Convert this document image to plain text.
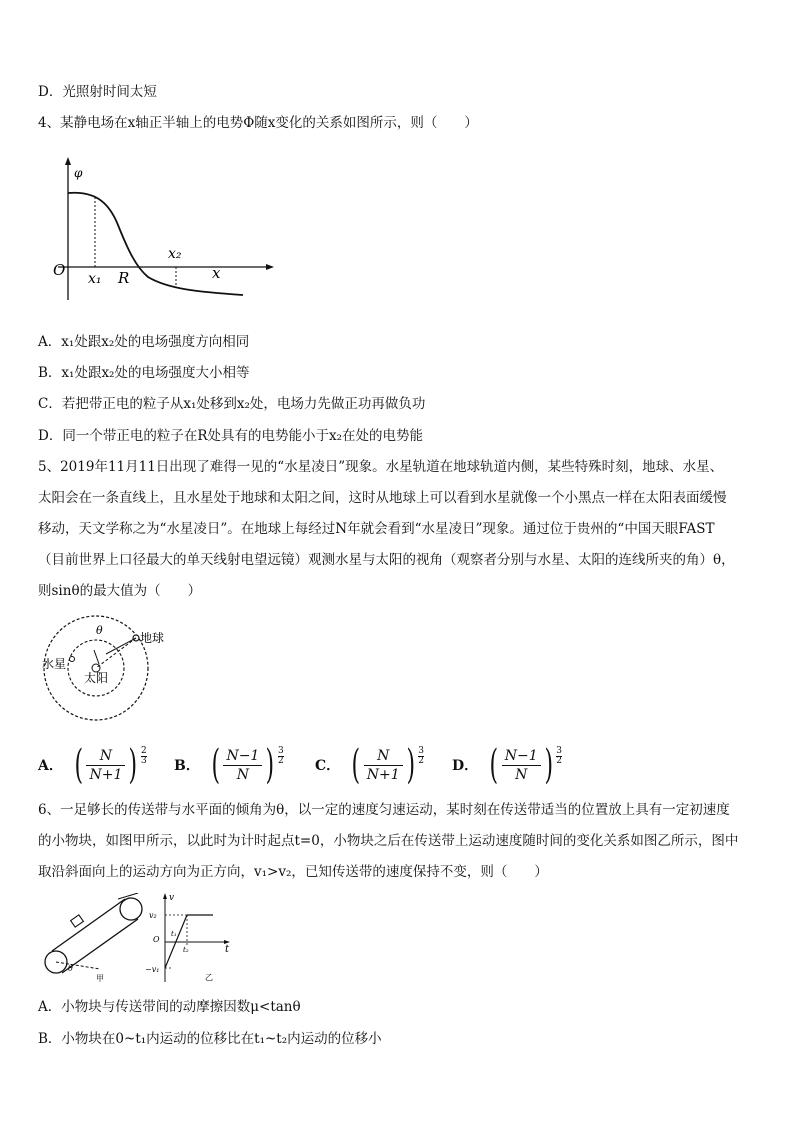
D．光照射时间太短
4、某静电场在x轴正半轴上的电势Φ随x变化的关系如图所示，则（　　）
φ
O x₁ R
x₂
x
A．x₁处跟x₂处的电场强度方向相同
B．x₁处跟x₂处的电场强度大小相等
C．若把带正电的粒子从x₁处移到x₂处，电场力先做正功再做负功
D．同一个带正电的粒子在R处具有的电势能小于x₂在处的电势能
5、2019年11月11日出现了难得一见的“水星凌日”现象。水星轨道在地球轨道内侧，某些特殊时刻，地球、水星、
太阳会在一条直线上，且水星处于地球和太阳之间，这时从地球上可以看到水星就像一个小黑点一样在太阳表面缓慢
移动，天文学称之为“水星凌日”。在地球上每经过N年就会看到“水星凌日”现象。通过位于贵州的“中国天眼FAST
（目前世界上口径最大的单天线射电望远镜）观测水星与太阳的视角（观察者分别与水星、太阳的连线所夹的角）θ，
则sinθ的最大值为（　　）
θ
地球
水星
太阳
A． ( $\frac{N}{N+1}$ ) $\frac{2}{3}$
B． ( $\frac{N-1}{N}$ ) $\frac{3}{2}$
C． ( $\frac{N}{N+1}$ ) $\frac{3}{2}$
D． ( $\frac{N-1}{N}$ ) $\frac{3}{2}$
6、一足够长的传送带与水平面的倾角为θ，以一定的速度匀速运动，某时刻在传送带适当的位置放上具有一定初速度
的小物块，如图甲所示，以此时为计时起点t=0，小物块之后在传送带上运动速度随时间的变化关系如图乙所示，图中
取沿斜面向上的运动方向为正方向，v₁>v₂，已知传送带的速度保持不变，则（　　）
θ
甲
v
v₂
O
t₁
t₂	t
−v₁
乙
A．小物块与传送带间的动摩擦因数μ<tanθ
B．小物块在0~t₁内运动的位移比在t₁~t₂内运动的位移小
